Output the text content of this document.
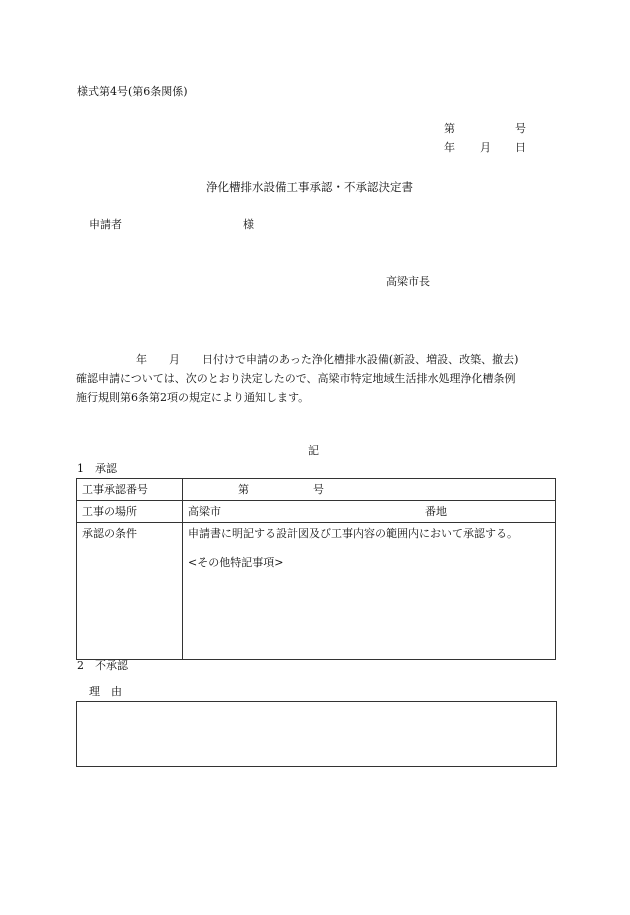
様式第4号(第6条関係)
第	号
年 月 日
浄化槽排水設備工事承認・不承認決定書
申請者	様
高梁市長
年　　月　　日付けで申請のあった浄化槽排水設備(新設、増設、改築、撤去)
確認申請については、次のとおり決定したので、高梁市特定地域生活排水処理浄化槽条例
施行規則第6条第2項の規定により通知します。
記
1　承認
工事承認番号	第 号

工事の場所	高梁市 番地

承認の条件	申請書に明記する設計図及び工事内容の範囲内において承認する。
<その他特記事項>
2　不承認
理　由
